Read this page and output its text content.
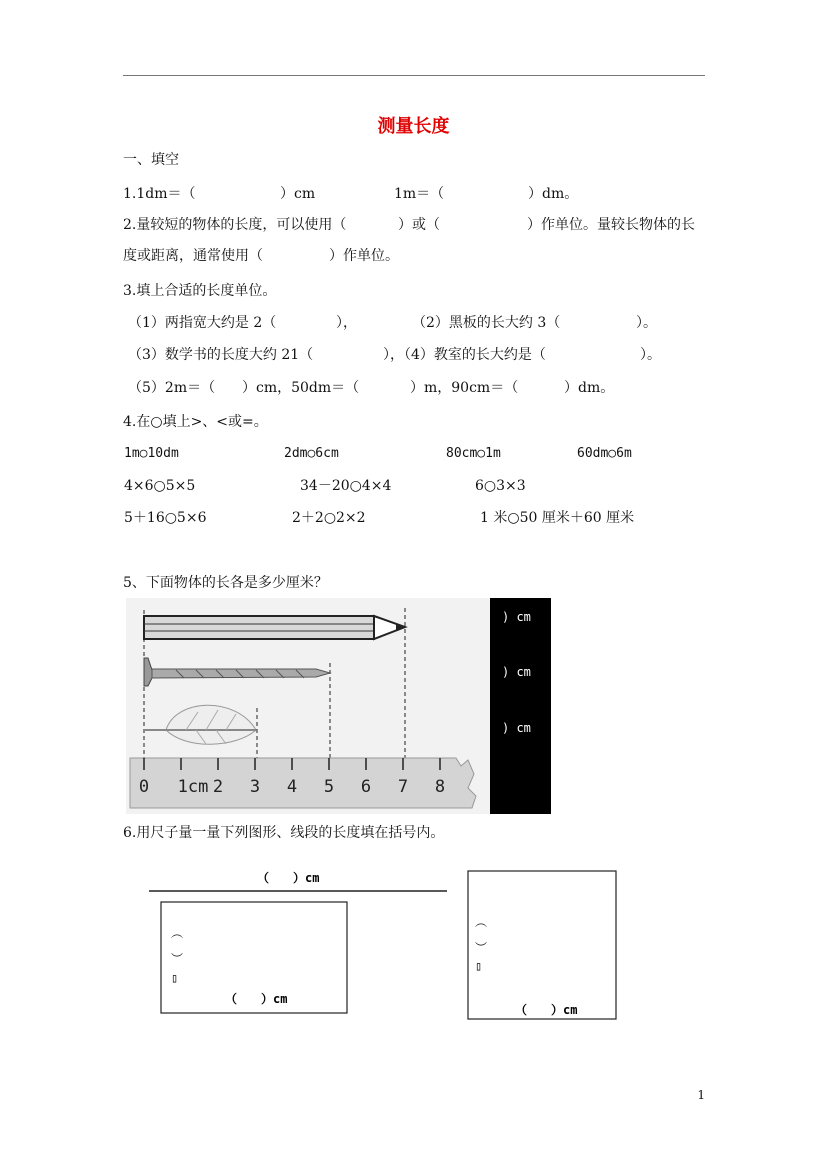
测量长度
一、填空
1.1dm＝（	）cm	1m＝（	）dm。
2.量较短的物体的长度，可以使用（	）或（	）作单位。量较长物体的长
度或距离，通常使用（	）作单位。
3.填上合适的长度单位。
（1）两指宽大约是 2（	），	（2）黑板的长大约 3（	）。
（3）数学书的长度大约 21（	），（4）教室的长大约是（	）。
（5）2m＝（ ）cm，50dm＝（	）m，90cm＝（	）dm。
4.在○填上>、<或=。
1m○10dm	2dm○6cm	80cm○1m	60dm○6m
4×6○5×5	34－20○4×4	6○3×3
5＋16○5×6	2＋2○2×2	1 米○50 厘米＋60 厘米
5、下面物体的长各是多少厘米？
) cm
) cm
) cm
0 1cm 2 3 4 5 6 7 8
6.用尺子量一量下列图形、线段的长度填在括号内。
（　　）cm
︵
︶
▯
（　　）cm
︵
︶
▯
（　　）cm
1
